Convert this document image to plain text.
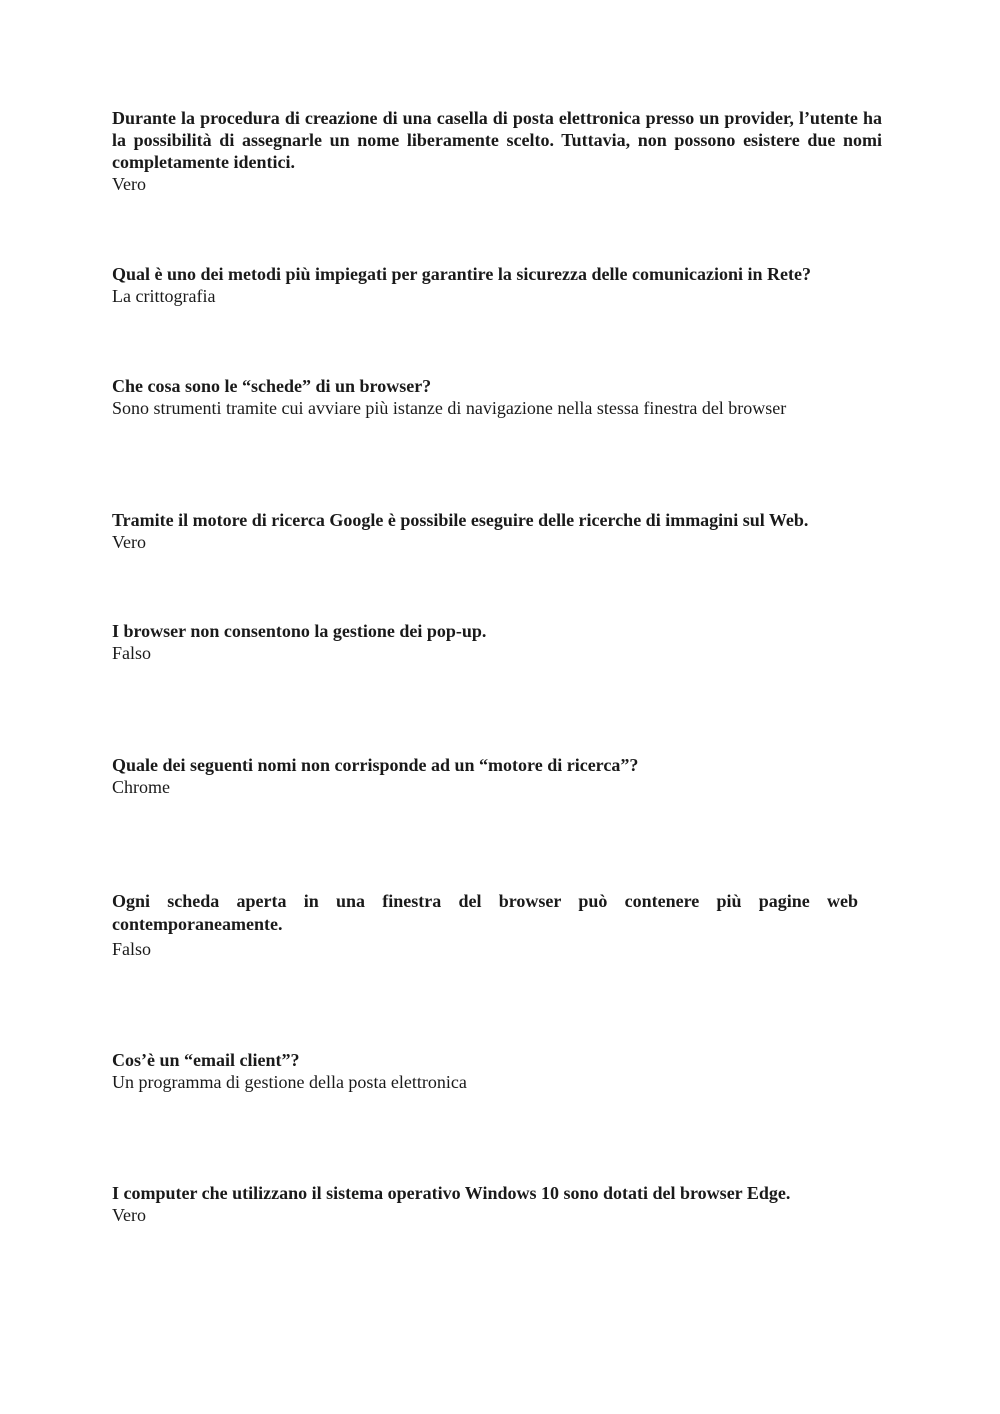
Durante la procedura di creazione di una casella di posta elettronica presso un provider, l’utente ha la possibilità di assegnarle un nome liberamente scelto. Tuttavia, non possono esistere due nomi completamente identici.

Vero

Qual è uno dei metodi più impiegati per garantire la sicurezza delle comunicazioni in Rete?

La crittografia

Che cosa sono le “schede” di un browser?

Sono strumenti tramite cui avviare più istanze di navigazione nella stessa finestra del browser

Tramite il motore di ricerca Google è possibile eseguire delle ricerche di immagini sul Web.

Vero

I browser non consentono la gestione dei pop-up.

Falso

Quale dei seguenti nomi non corrisponde ad un “motore di ricerca”?

Chrome

Ogni scheda aperta in una finestra del browser può contenere più pagine web contemporaneamente.

Falso

Cos’è un “email client”?

Un programma di gestione della posta elettronica

I computer che utilizzano il sistema operativo Windows 10 sono dotati del browser Edge.

Vero
